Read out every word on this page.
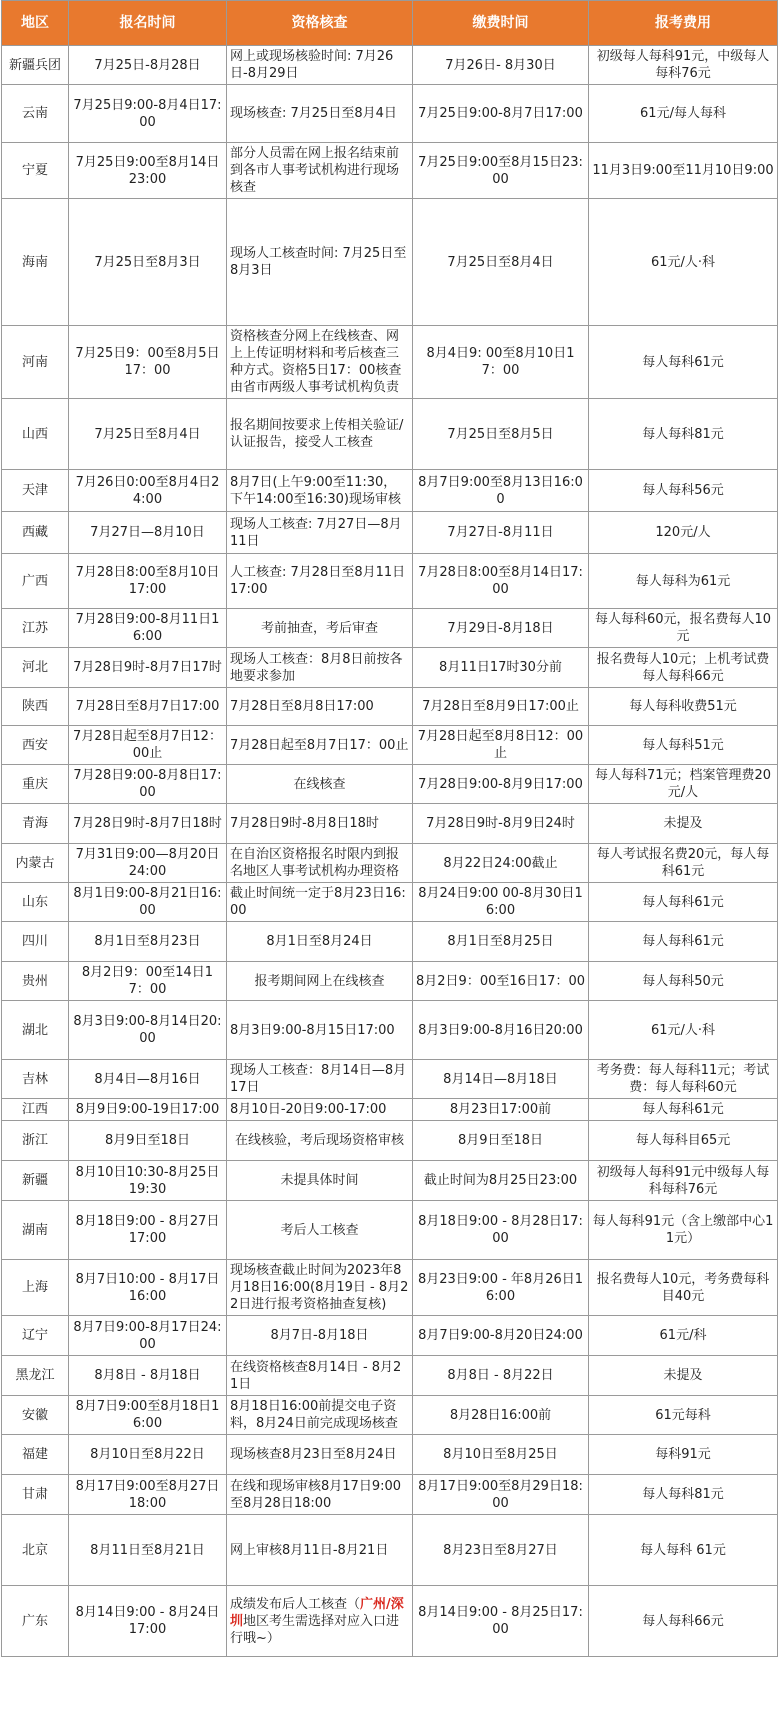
地区	报名时间	资格核查	缴费时间	报考费用
新疆兵团	7月25日-8月28日	网上或现场核验时间: 7月26日-8月29日	7月26日- 8月30日	初级每人每科91元，中级每人每科76元
云南	7月25日9:00-8月4日17:00	现场核查: 7月25日至8月4日	7月25日9:00-8月7日17:00	61元/每人每科
宁夏	7月25日9:00至8月14日23:00	部分人员需在网上报名结束前到各市人事考试机构进行现场核查	7月25日9:00至8月15日23:00	11月3日9:00至11月10日9:00
海南	7月25日至8月3日	现场人工核查时间: 7月25日至8月3日	7月25日至8月4日	61元/人·科
河南	7月25日9：00至8月5日17：00	资格核查分网上在线核查、网上上传证明材料和考后核查三种方式。资格5日17：00核查由省市两级人事考试机构负责	8月4日9: 00至8月10日17：00	每人每科61元
山西	7月25日至8月4日	报名期间按要求上传相关验证/认证报告，接受人工核查	7月25日至8月5日	每人每科81元
天津	7月26日0:00至8月4日24:00	8月7日(上午9:00至11:30，下午14:00至16:30)现场审核	8月7日9:00至8月13日16:00	每人每科56元
西藏	7月27日—8月10日	现场人工核查: 7月27日—8月11日	7月27日-8月11日	120元/人
广西	7月28日8:00至8月10日17:00	人工核查: 7月28日至8月11日17:00	7月28日8:00至8月14日17:00	每人每科为61元
江苏	7月28日9:00-8月11日16:00	考前抽查，考后审查	7月29日-8月18日	每人每科60元，报名费每人10元
河北	7月28日9时-8月7日17时	现场人工核查：8月8日前按各地要求参加	8月11日17时30分前	报名费每人10元；上机考试费每人每科66元
陕西	7月28日至8月7日17:00	7月28日至8月8日17:00	7月28日至8月9日17:00止	每人每科收费51元
西安	7月28日起至8月7日12：00止	7月28日起至8月7日17：00止	7月28日起至8月8日12：00止	每人每科51元
重庆	7月28日9:00-8月8日17:00	在线核查	7月28日9:00-8月9日17:00	每人每科71元；档案管理费20元/人
青海	7月28日9时-8月7日18时	7月28日9时-8月8日18时	7月28日9时-8月9日24时	未提及
内蒙古	7月31日9:00—8月20日24:00	在自治区资格报名时限内到报名地区人事考试机构办理资格	8月22日24:00截止	每人考试报名费20元，每人每科61元
山东	8月1日9:00-8月21日16:00	截止时间统一定于8月23日16:00	8月24日9:00 00-8月30日16:00	每人每科61元
四川	8月1日至8月23日	8月1日至8月24日	8月1日至8月25日	每人每科61元
贵州	8月2日9：00至14日17：00	报考期间网上在线核查	8月2日9：00至16日17：00	每人每科50元
湖北	8月3日9:00-8月14日20:00	8月3日9:00-8月15日17:00	8月3日9:00-8月16日20:00	61元/人·科
吉林	8月4日—8月16日	现场人工核查：8月14日—8月17日	8月14日—8月18日	考务费：每人每科11元；考试费：每人每科60元
江西	8月9日9:00-19日17:00	8月10日-20日9:00-17:00	8月23日17:00前	每人每科61元
浙江	8月9日至18日	在线核验，考后现场资格审核	8月9日至18日	每人每科目65元
新疆	8月10日10:30-8月25日19:30	未提具体时间	截止时间为8月25日23:00	初级每人每科91元中级每人每科每科76元
湖南	8月18日9:00 - 8月27日17:00	考后人工核查	8月18日9:00 - 8月28日17:00	每人每科91元（含上缴部中心11元）
上海	8月7日10:00 - 8月17日16:00	现场核查截止时间为2023年8月18日16:00(8月19日 - 8月22日进行报考资格抽查复核)	8月23日9:00 - 年8月26日16:00	报名费每人10元，考务费每科目40元
辽宁	8月7日9:00-8月17日24:00	8月7日-8月18日	8月7日9:00-8月20日24:00	61元/科
黑龙江	8月8日 - 8月18日	在线资格核查8月14日 - 8月21日	8月8日 - 8月22日	未提及
安徽	8月7日9:00至8月18日16:00	8月18日16:00前提交电子资料，8月24日前完成现场核查	8月28日16:00前	61元每科
福建	8月10日至8月22日	现场核查8月23日至8月24日	8月10日至8月25日	每科91元
甘肃	8月17日9:00至8月27日18:00	在线和现场审核8月17日9:00至8月28日18:00	8月17日9:00至8月29日18:00	每人每科81元
北京	8月11日至8月21日	网上审核8月11日-8月21日	8月23日至8月27日	每人每科 61元
广东	8月14日9:00 - 8月24日17:00	成绩发布后人工核查（广州/深圳地区考生需选择对应入口进行哦~）	8月14日9:00 - 8月25日17:00	每人每科66元
